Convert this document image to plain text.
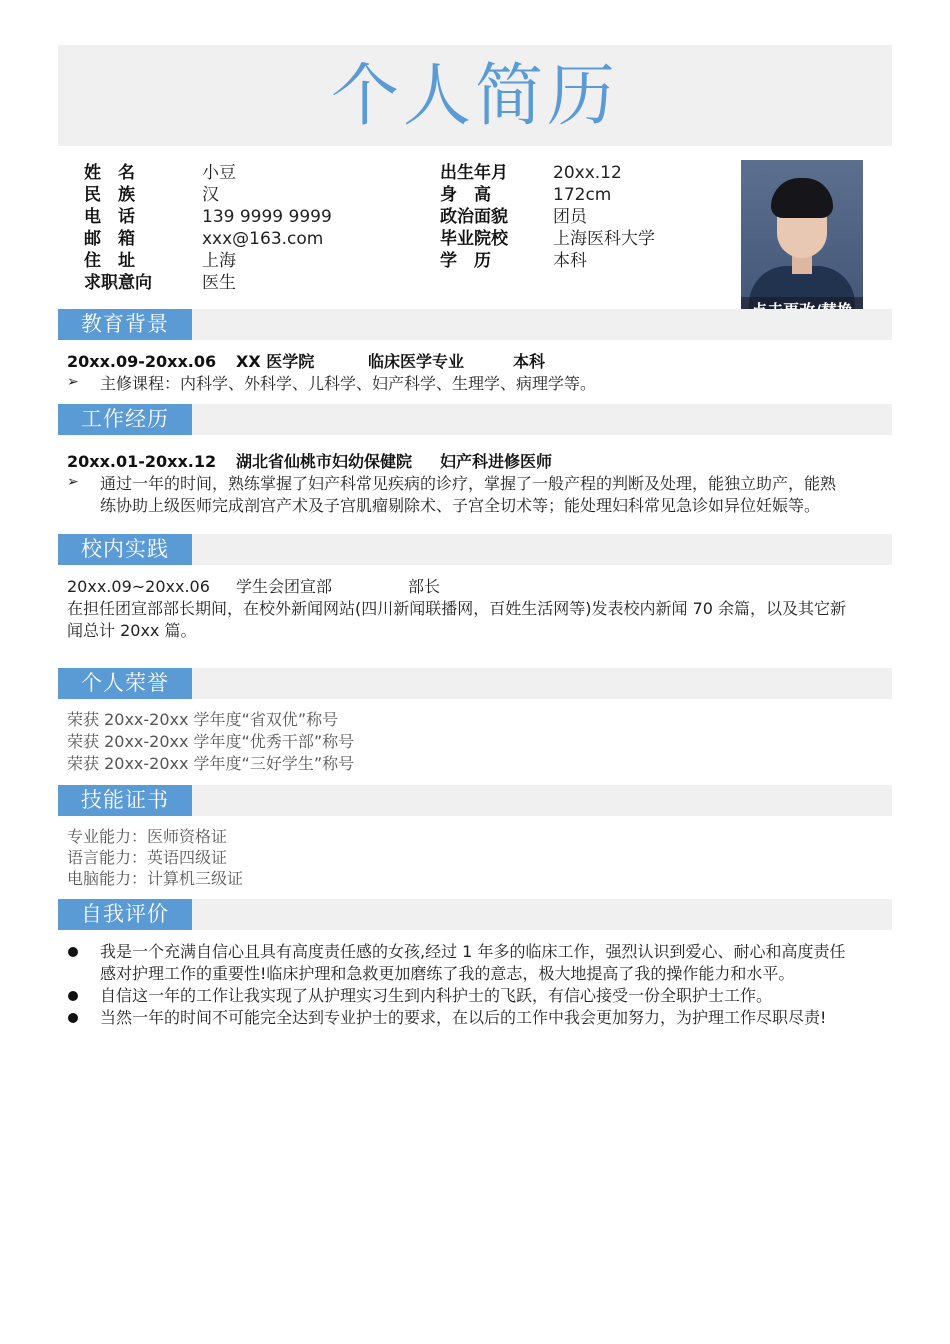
个人简历
姓　名	小豆
民　族	汉
电　话	139 9999 9999
邮　箱	xxx@163.com
住　址	上海
求职意向	医生
出生年月	20xx.12
身　高	172cm
政治面貌	团员
毕业院校	上海医科大学
学　历	本科
教育背景
20xx.09-20xx.06 XX 医学院	临床医学专业	本科
➢ 主修课程：内科学、外科学、儿科学、妇产科学、生理学、病理学等。
工作经历
20xx.01-20xx.12 湖北省仙桃市妇幼保健院 妇产科进修医师
➢ 通过一年的时间，熟练掌握了妇产科常见疾病的诊疗，掌握了一般产程的判断及处理，能独立助产，能熟
练协助上级医师完成剖宫产术及子宫肌瘤剔除术、子宫全切术等；能处理妇科常见急诊如异位妊娠等。
校内实践
20xx.09~20xx.06 学生会团宣部	部长
在担任团宣部部长期间，在校外新闻网站(四川新闻联播网，百姓生活网等)发表校内新闻 70 余篇，以及其它新
闻总计 20xx 篇。
个人荣誉
荣获 20xx-20xx 学年度“省双优”称号
荣获 20xx-20xx 学年度“优秀干部”称号
荣获 20xx-20xx 学年度“三好学生”称号
技能证书
专业能力：医师资格证
语言能力：英语四级证
电脑能力：计算机三级证
自我评价
我是一个充满自信心且具有高度责任感的女孩,经过 1 年多的临床工作，强烈认识到爱心、耐心和高度责任
感对护理工作的重要性!临床护理和急救更加磨练了我的意志，极大地提高了我的操作能力和水平。
自信这一年的工作让我实现了从护理实习生到内科护士的飞跃，有信心接受一份全职护士工作。
当然一年的时间不可能完全达到专业护士的要求，在以后的工作中我会更加努力，为护理工作尽职尽责!
